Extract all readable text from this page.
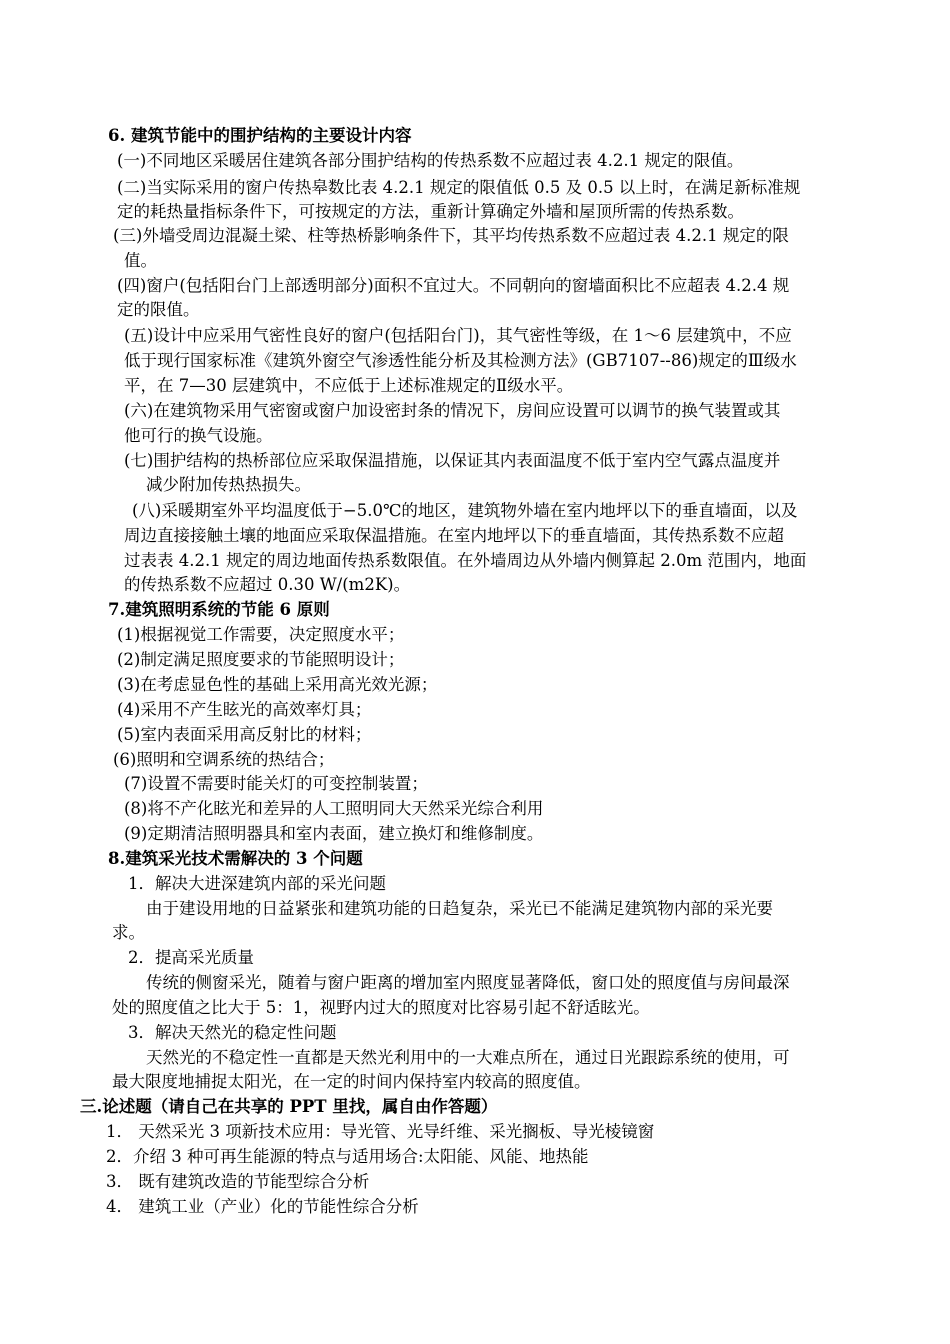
6. 建筑节能中的围护结构的主要设计内容
(一)不同地区采暖居住建筑各部分围护结构的传热系数不应超过表 4.2.1 规定的限值。
(二)当实际采用的窗户传热皋数比表 4.2.1 规定的限值低 0.5 及 0.5 以上时，在满足新标准规
定的耗热量指标条件下，可按规定的方法，重新计算确定外墙和屋顶所需的传热系数。
(三)外墙受周边混凝土梁、柱等热桥影响条件下，其平均传热系数不应超过表 4.2.1 规定的限
值。
(四)窗户(包括阳台门上部透明部分)面积不宜过大。不同朝向的窗墙面积比不应超表 4.2.4 规
定的限值。
(五)设计中应采用气密性良好的窗户(包括阳台门)，其气密性等级，在 1～6 层建筑中，不应
低于现行国家标准《建筑外窗空气渗透性能分析及其检测方法》(GB7107--86)规定的Ⅲ级水
平，在 7—30 层建筑中，不应低于上述标准规定的Ⅱ级水平。
(六)在建筑物采用气密窗或窗户加设密封条的情况下，房间应设置可以调节的换气装置或其
他可行的换气设施。
(七)围护结构的热桥部位应采取保温措施，以保证其内表面温度不低于室内空气露点温度并
减少附加传热热损失。
(八)采暖期室外平均温度低于−5.0℃的地区，建筑物外墙在室内地坪以下的垂直墙面，以及
周边直接接触土壤的地面应采取保温措施。在室内地坪以下的垂直墙面，其传热系数不应超
过表表 4.2.1 规定的周边地面传热系数限值。在外墙周边从外墙内侧算起 2.0m 范围内，地面
的传热系数不应超过 0.30 W/(m2K)。
7.建筑照明系统的节能 6 原则
(1)根据视觉工作需要，决定照度水平；
(2)制定满足照度要求的节能照明设计；
(3)在考虑显色性的基础上采用高光效光源；
(4)采用不产生眩光的高效率灯具；
(5)室内表面采用高反射比的材料；
(6)照明和空调系统的热结合；
(7)设置不需要时能关灯的可变控制装置；
(8)将不产化眩光和差异的人工照明同大天然采光综合利用
(9)定期清洁照明器具和室内表面，建立换灯和维修制度。
8.建筑采光技术需解决的 3 个问题
1．解决大进深建筑内部的采光问题
由于建设用地的日益紧张和建筑功能的日趋复杂，采光已不能满足建筑物内部的采光要
求。
2．提高采光质量
传统的侧窗采光，随着与窗户距离的增加室内照度显著降低，窗口处的照度值与房间最深
处的照度值之比大于 5：1，视野内过大的照度对比容易引起不舒适眩光。
3．解决天然光的稳定性问题
天然光的不稳定性一直都是天然光利用中的一大难点所在，通过日光跟踪系统的使用，可
最大限度地捕捉太阳光，在一定的时间内保持室内较高的照度值。
三.论述题（请自己在共享的 PPT 里找，属自由作答题）
1． 天然采光 3 项新技术应用：导光管、光导纤维、采光搁板、导光棱镜窗
2．介绍 3 种可再生能源的特点与适用场合:太阳能、风能、地热能
3． 既有建筑改造的节能型综合分析
4． 建筑工业（产业）化的节能性综合分析
